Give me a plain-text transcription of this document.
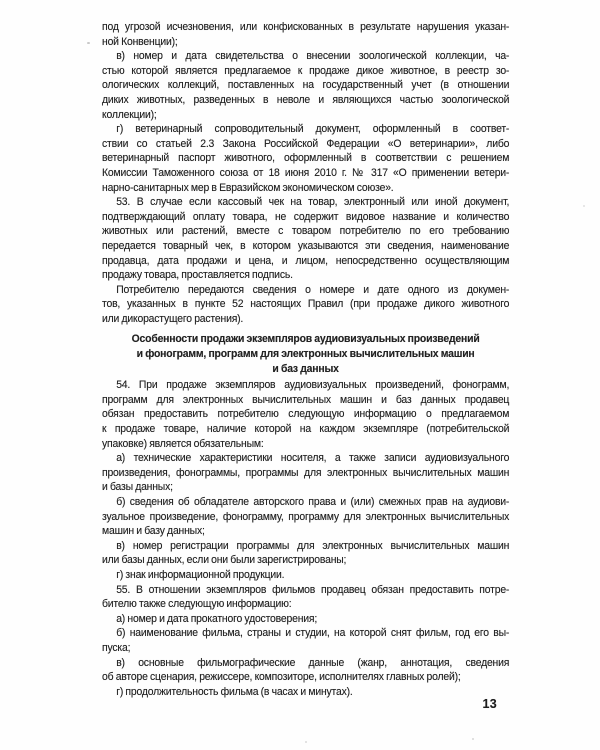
под угрозой исчезновения, или конфискованных в результате нарушения указан-
ной Конвенции);
в) номер и дата свидетельства о внесении зоологической коллекции, ча-
стью которой является предлагаемое к продаже дикое животное, в реестр зо-
ологических коллекций, поставленных на государственный учет (в отношении
диких животных, разведенных в неволе и являющихся частью зоологической
коллекции);
г) ветеринарный сопроводительный документ, оформленный в соответ-
ствии со статьей 2.3 Закона Российской Федерации «О ветеринарии», либо
ветеринарный паспорт животного, оформленный в соответствии с решением
Комиссии Таможенного союза от 18 июня 2010 г. № 317 «О применении ветери-
нарно-санитарных мер в Евразийском экономическом союзе».
53. В случае если кассовый чек на товар, электронный или иной документ,
подтверждающий оплату товара, не содержит видовое название и количество
животных или растений, вместе с товаром потребителю по его требованию
передается товарный чек, в котором указываются эти сведения, наименование
продавца, дата продажи и цена, и лицом, непосредственно осуществляющим
продажу товара, проставляется подпись.
Потребителю передаются сведения о номере и дате одного из докумен-
тов, указанных в пункте 52 настоящих Правил (при продаже дикого животного
или дикорастущего растения).
Особенности продажи экземпляров аудиовизуальных произведений
и фонограмм, программ для электронных вычислительных машин
и баз данных
54. При продаже экземпляров аудиовизуальных произведений, фонограмм,
программ для электронных вычислительных машин и баз данных продавец
обязан предоставить потребителю следующую информацию о предлагаемом
к продаже товаре, наличие которой на каждом экземпляре (потребительской
упаковке) является обязательным:
а) технические характеристики носителя, а также записи аудиовизуального
произведения, фонограммы, программы для электронных вычислительных машин
и базы данных;
б) сведения об обладателе авторского права и (или) смежных прав на аудиови-
зуальное произведение, фонограмму, программу для электронных вычислительных
машин и базу данных;
в) номер регистрации программы для электронных вычислительных машин
или базы данных, если они были зарегистрированы;
г) знак информационной продукции.
55. В отношении экземпляров фильмов продавец обязан предоставить потре-
бителю также следующую информацию:
а) номер и дата прокатного удостоверения;
б) наименование фильма, страны и студии, на которой снят фильм, год его вы-
пуска;
в) основные фильмографические данные (жанр, аннотация, сведения
об авторе сценария, режиссере, композиторе, исполнителях главных ролей);
г) продолжительность фильма (в часах и минутах).
13
